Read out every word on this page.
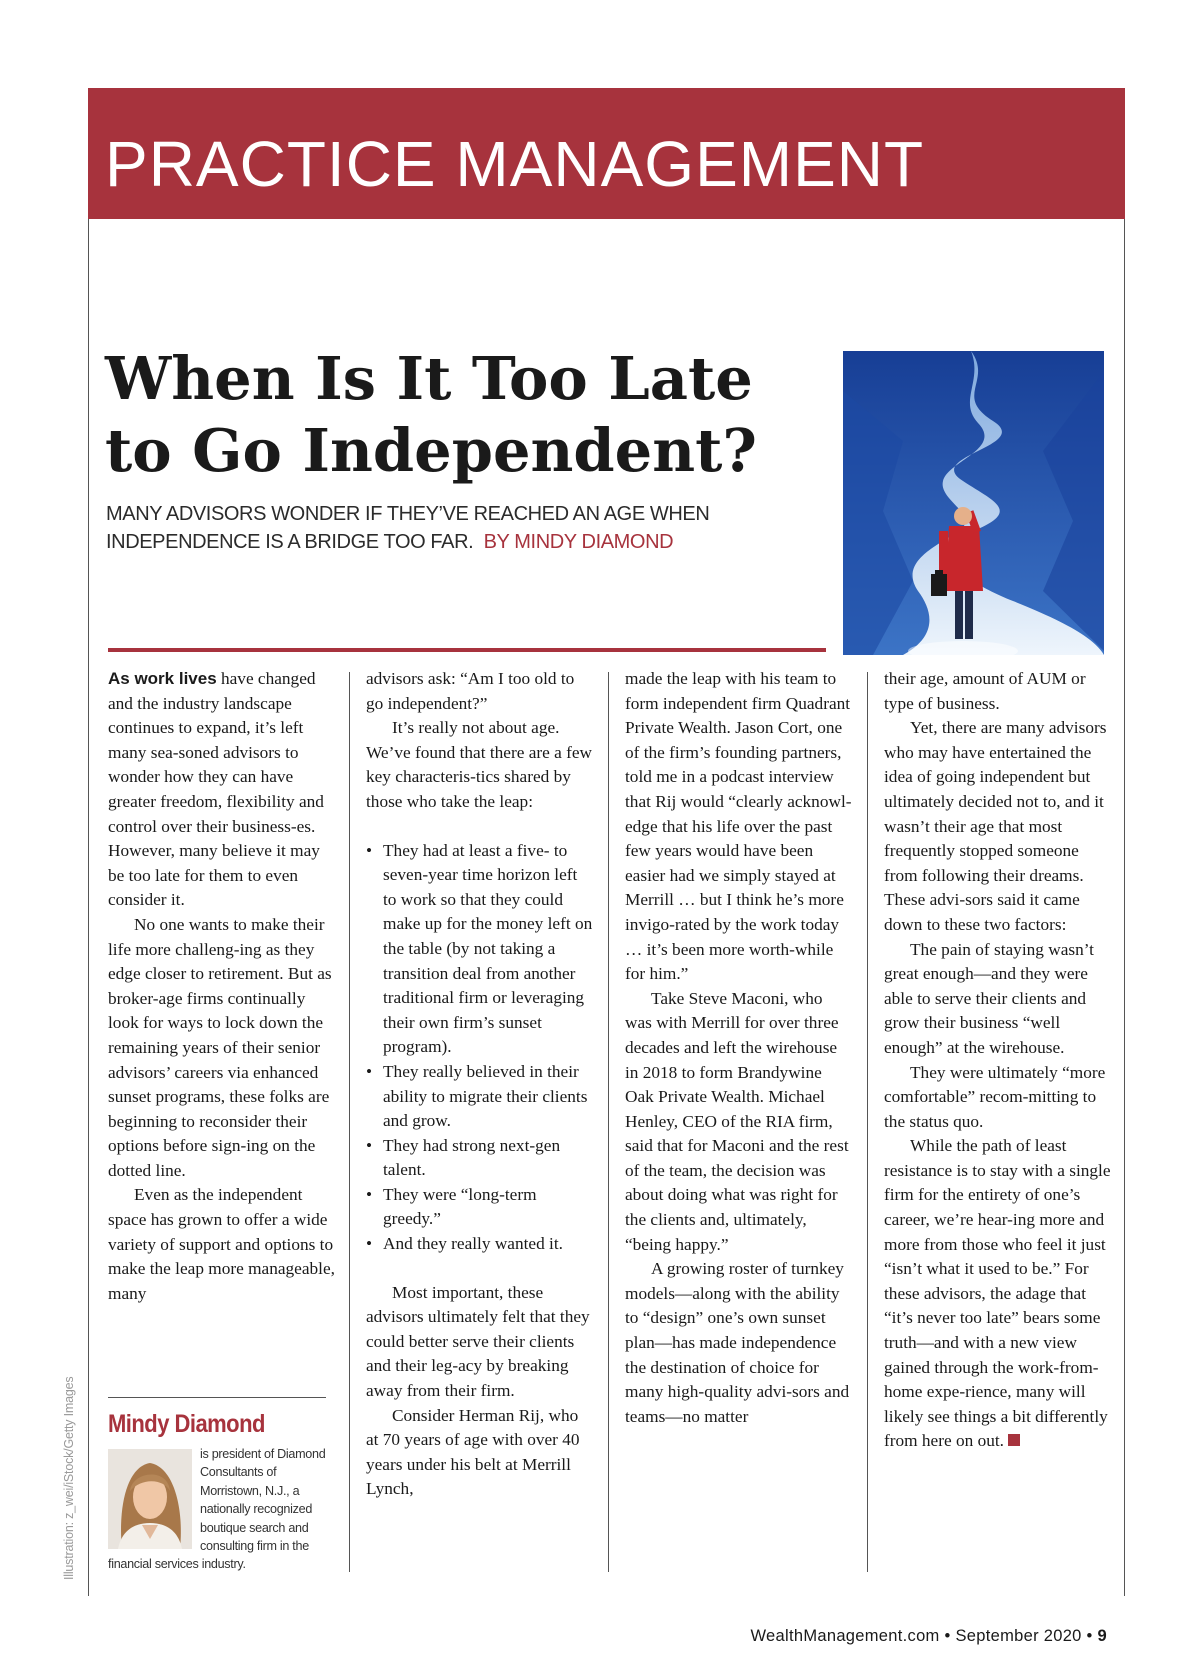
PRACTICE MANAGEMENT
When Is It Too Late
to Go Independent?
MANY ADVISORS WONDER IF THEY’VE REACHED AN AGE WHEN INDEPENDENCE IS A BRIDGE TOO FAR. BY MINDY DIAMOND

As work lives have changed and the industry landscape continues to expand, it’s left many sea-soned advisors to wonder how they can have greater freedom, flexibility and control over their business-es. However, many believe it may be too late for them to even consider it.

No one wants to make their life more challeng-ing as they edge closer to retirement. But as broker-age firms continually look for ways to lock down the remaining years of their senior advisors’ careers via enhanced sunset programs, these folks are beginning to reconsider their options before sign-ing on the dotted line.

Even as the independent space has grown to offer a wide variety of support and options to make the leap more manageable, many

advisors ask: “Am I too old to go independent?”

It’s really not about age. We’ve found that there are a few key characteris-tics shared by those who take the leap:

• They had at least a five- to seven-year time horizon left to work so that they could make up for the money left on the table (by not taking a transition deal from another traditional firm or leveraging their own firm’s sunset program).
• They really believed in their ability to migrate their clients and grow.
• They had strong next-gen talent.
• They were “long-term greedy.”
• And they really wanted it.

Most important, these advisors ultimately felt that they could better serve their clients and their leg-acy by breaking away from their firm.

Consider Herman Rij, who at 70 years of age with over 40 years under his belt at Merrill Lynch,

made the leap with his team to form independent firm Quadrant Private Wealth. Jason Cort, one of the firm’s founding partners, told me in a podcast interview that Rij would “clearly acknowl-edge that his life over the past few years would have been easier had we simply stayed at Merrill … but I think he’s more invigo-rated by the work today … it’s been more worth-while for him.”

Take Steve Maconi, who was with Merrill for over three decades and left the wirehouse in 2018 to form Brandywine Oak Private Wealth. Michael Henley, CEO of the RIA firm, said that for Maconi and the rest of the team, the decision was about doing what was right for the clients and, ultimately, “being happy.”

A growing roster of turnkey models—along with the ability to “design” one’s own sunset plan—has made independence the destination of choice for many high-quality advi-sors and teams—no matter

their age, amount of AUM or type of business.

Yet, there are many advisors who may have entertained the idea of going independent but ultimately decided not to, and it wasn’t their age that most frequently stopped someone from following their dreams. These advi-sors said it came down to these two factors:

The pain of staying wasn’t great enough—and they were able to serve their clients and grow their business “well enough” at the wirehouse.

They were ultimately “more comfortable” recom-mitting to the status quo.

While the path of least resistance is to stay with a single firm for the entirety of one’s career, we’re hear-ing more and more from those who feel it just “isn’t what it used to be.” For these advisors, the adage that “it’s never too late” bears some truth—and with a new view gained through the work-from-home expe-rience, many will likely see things a bit differently from here on out.

Mindy Diamond
is president of Diamond Consultants of Morristown, N.J., a nationally recognized boutique search and consulting firm in the financial services industry.
Illustration: z_wei/iStock/Getty Images
WealthManagement.com • September 2020 • 9
